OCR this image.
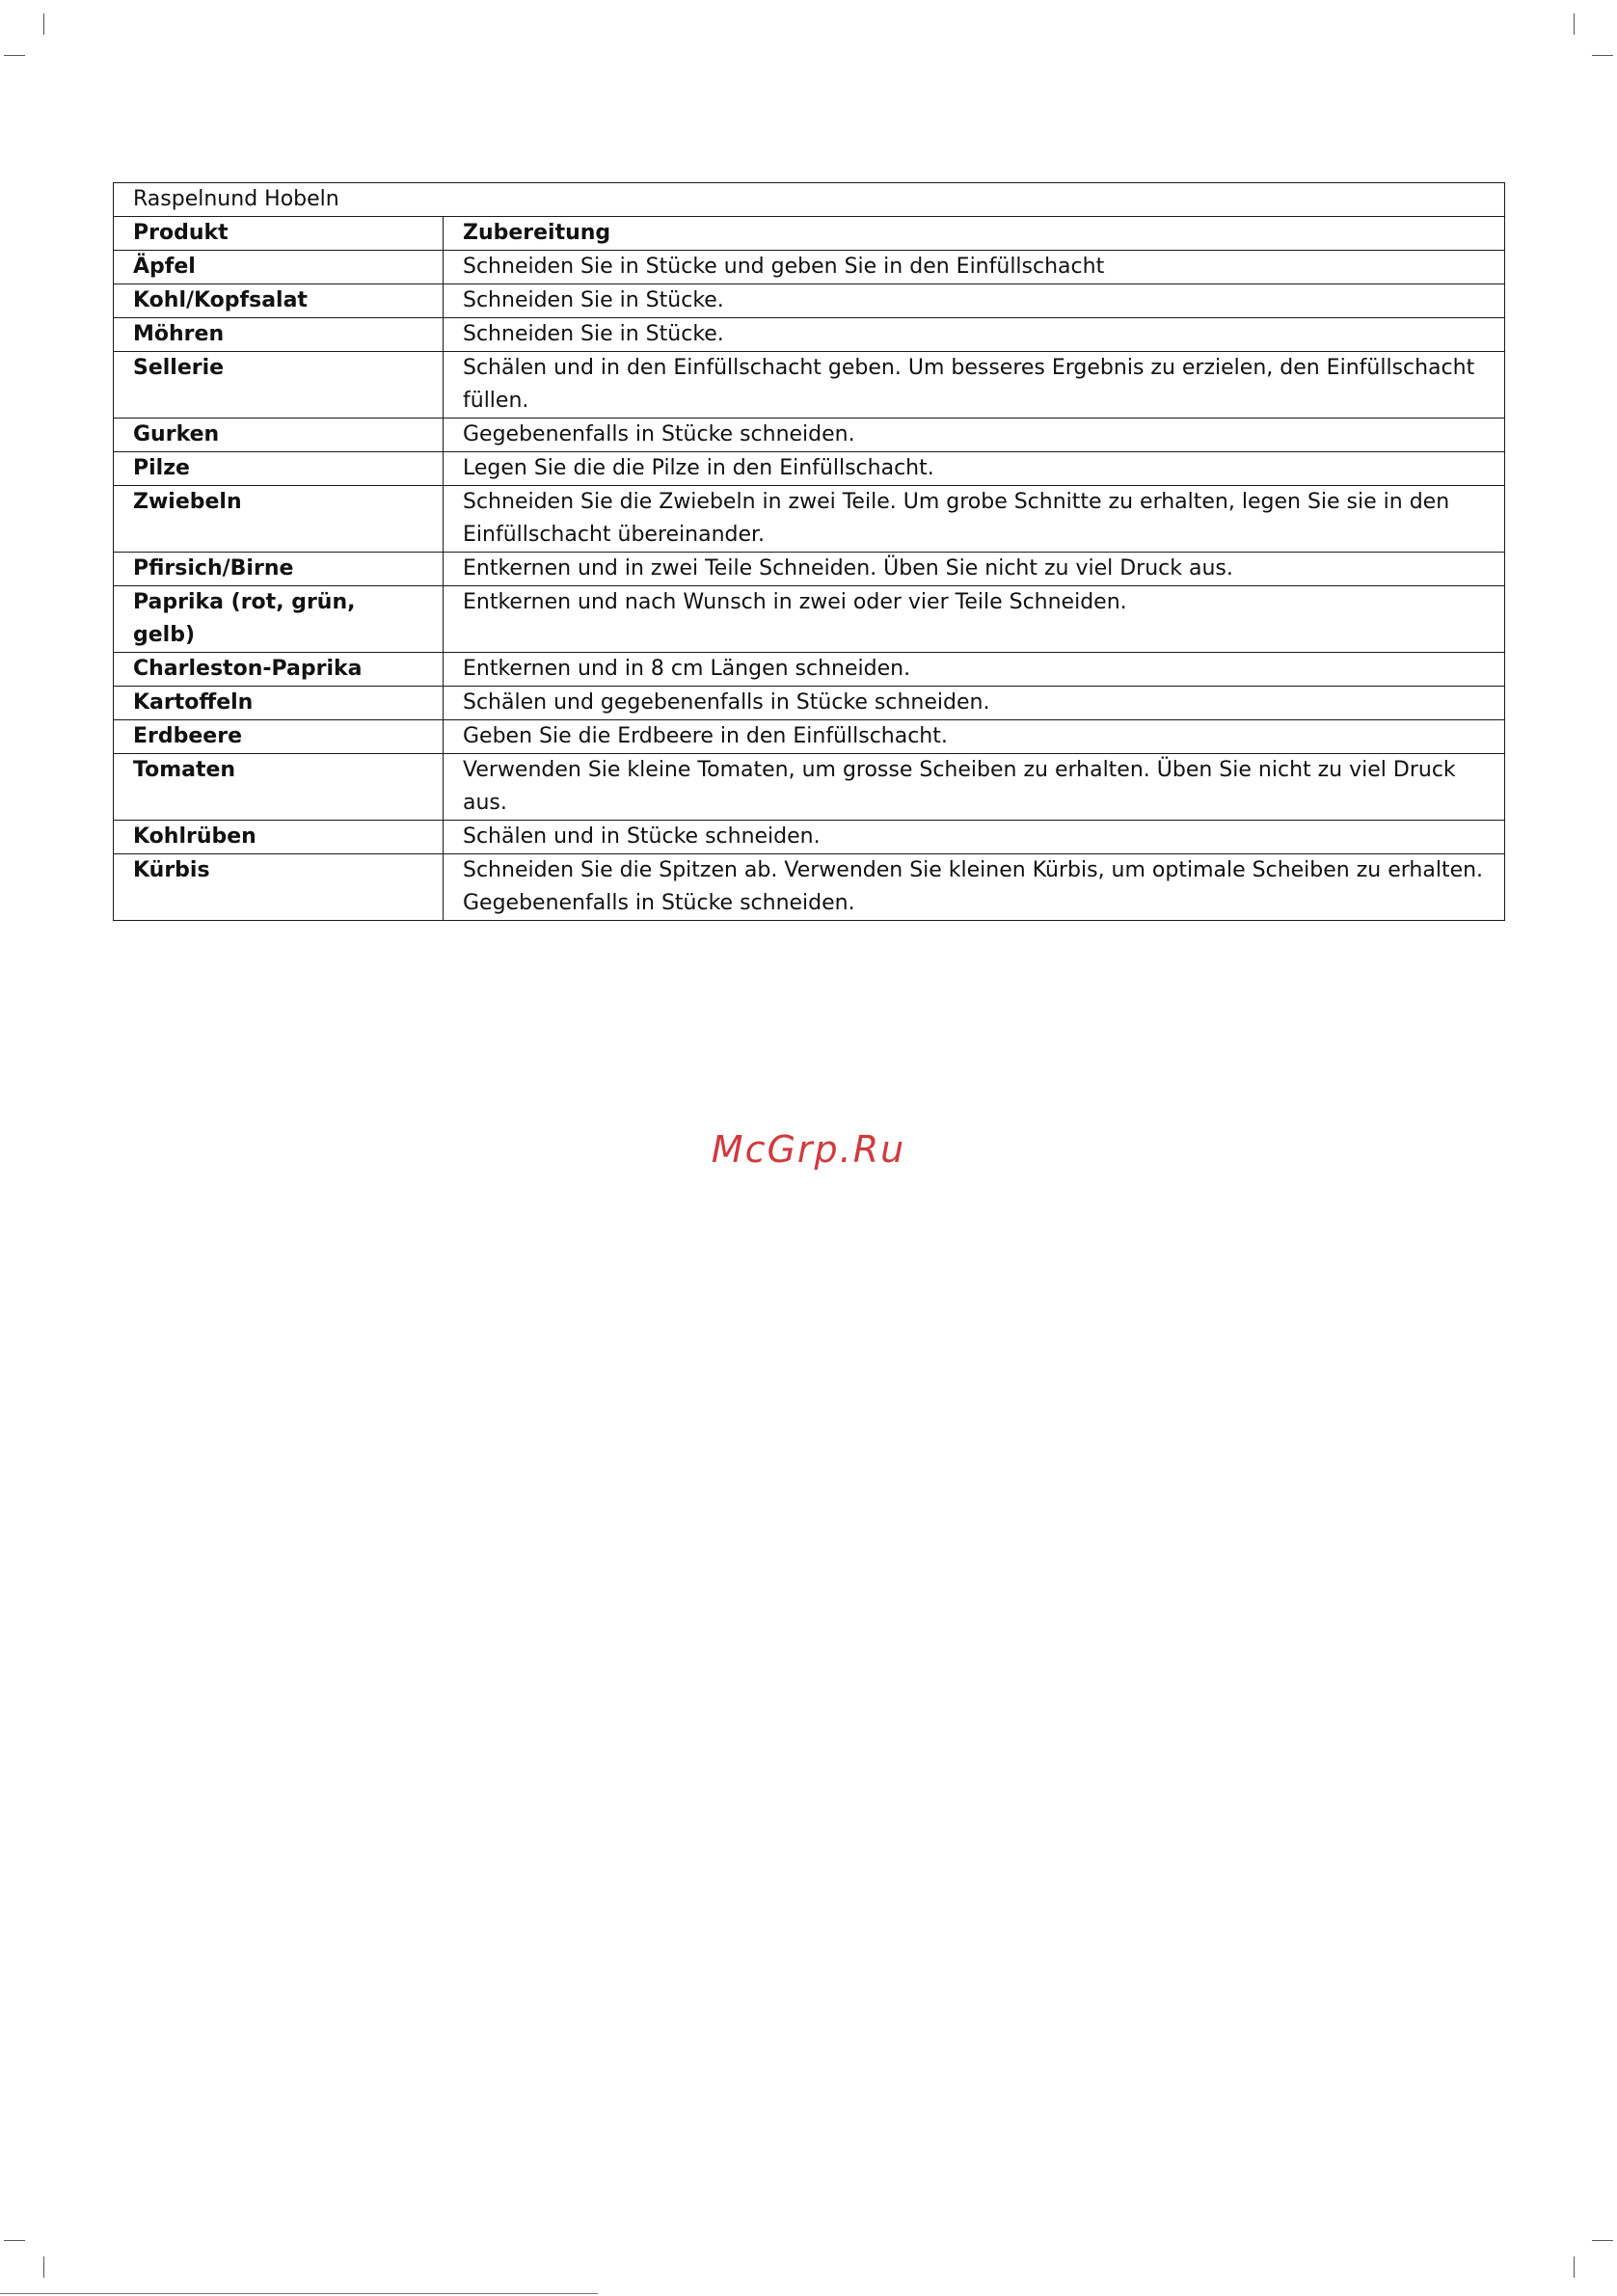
Raspelnund Hobeln	
Produkt	Zubereitung
Äpfel	Schneiden Sie in Stücke und geben Sie in den Einfüllschacht
Kohl/Kopfsalat	Schneiden Sie in Stücke.
Möhren	Schneiden Sie in Stücke.
Sellerie	Schälen und in den Einfüllschacht geben. Um besseres Ergebnis zu erzielen, den Einfüllschacht füllen.
Gurken	Gegebenenfalls in Stücke schneiden.
Pilze	Legen Sie die die Pilze in den Einfüllschacht.
Zwiebeln	Schneiden Sie die Zwiebeln in zwei Teile. Um grobe Schnitte zu erhalten, legen Sie sie in den Einfüllschacht übereinander.
Pfirsich/Birne	Entkernen und in zwei Teile Schneiden. Üben Sie nicht zu viel Druck aus.
Paprika (rot, grün, gelb)	Entkernen und nach Wunsch in zwei oder vier Teile Schneiden.
Charleston-Paprika	Entkernen und in 8 cm Längen schneiden.
Kartoffeln	Schälen und gegebenenfalls in Stücke schneiden.
Erdbeere	Geben Sie die Erdbeere in den Einfüllschacht.
Tomaten	Verwenden Sie kleine Tomaten, um grosse Scheiben zu erhalten. Üben Sie nicht zu viel Druck aus.
Kohlrüben	Schälen und in Stücke schneiden.
Kürbis	Schneiden Sie die Spitzen ab. Verwenden Sie kleinen Kürbis, um optimale Scheiben zu erhalten. Gegebenenfalls in Stücke schneiden.
McGrp.Ru
